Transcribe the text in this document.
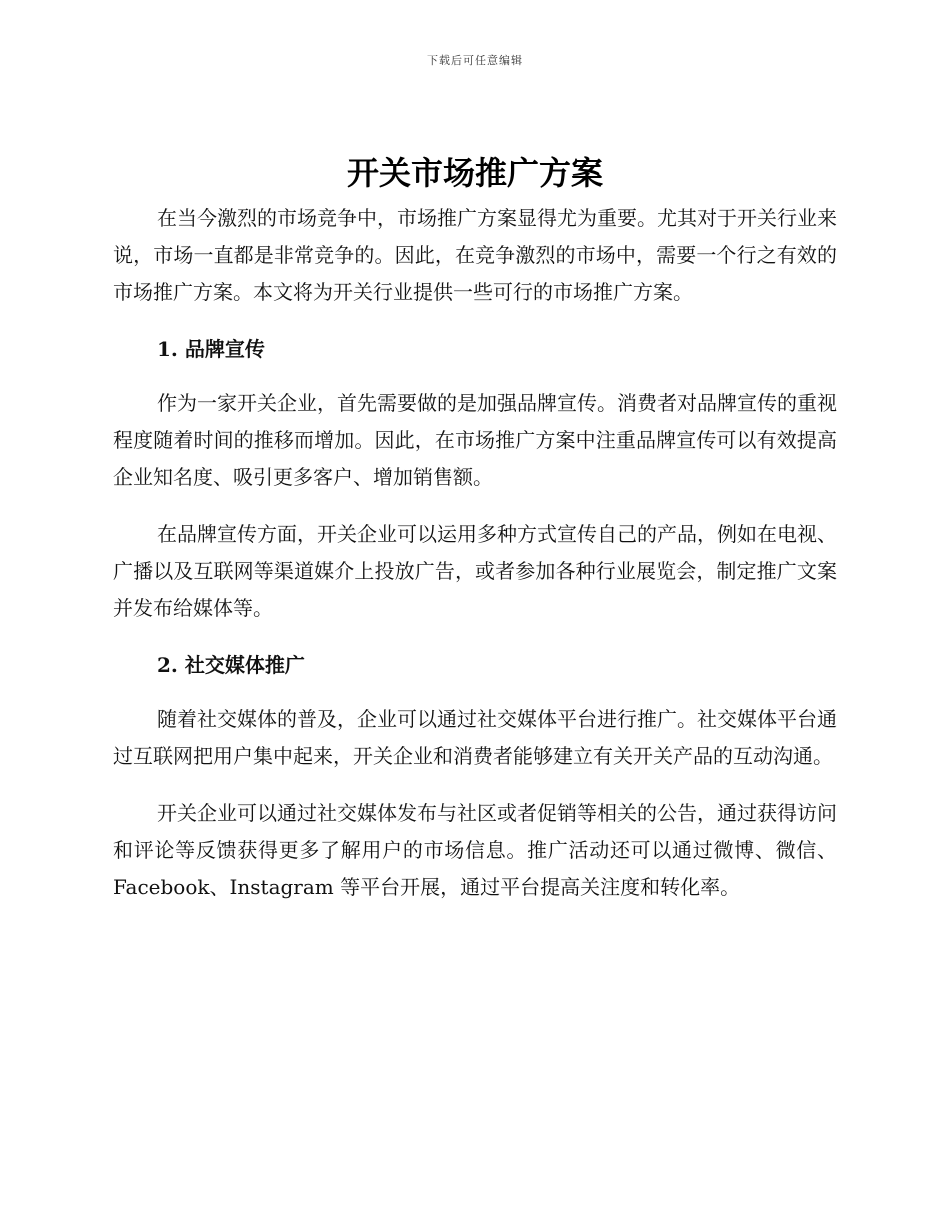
下载后可任意编辑
开关市场推广方案

在当今激烈的市场竞争中，市场推广方案显得尤为重要。尤其对于开关行业来说，市场一直都是非常竞争的。因此，在竞争激烈的市场中，需要一个行之有效的市场推广方案。本文将为开关行业提供一些可行的市场推广方案。

1. 品牌宣传

作为一家开关企业，首先需要做的是加强品牌宣传。消费者对品牌宣传的重视程度随着时间的推移而增加。因此，在市场推广方案中注重品牌宣传可以有效提高企业知名度、吸引更多客户、增加销售额。

在品牌宣传方面，开关企业可以运用多种方式宣传自己的产品，例如在电视、广播以及互联网等渠道媒介上投放广告，或者参加各种行业展览会，制定推广文案并发布给媒体等。

2. 社交媒体推广

随着社交媒体的普及，企业可以通过社交媒体平台进行推广。社交媒体平台通过互联网把用户集中起来，开关企业和消费者能够建立有关开关产品的互动沟通。

开关企业可以通过社交媒体发布与社区或者促销等相关的公告，通过获得访问和评论等反馈获得更多了解用户的市场信息。推广活动还可以通过微博、微信、Facebook、Instagram 等平台开展，通过平台提高关注度和转化率。
